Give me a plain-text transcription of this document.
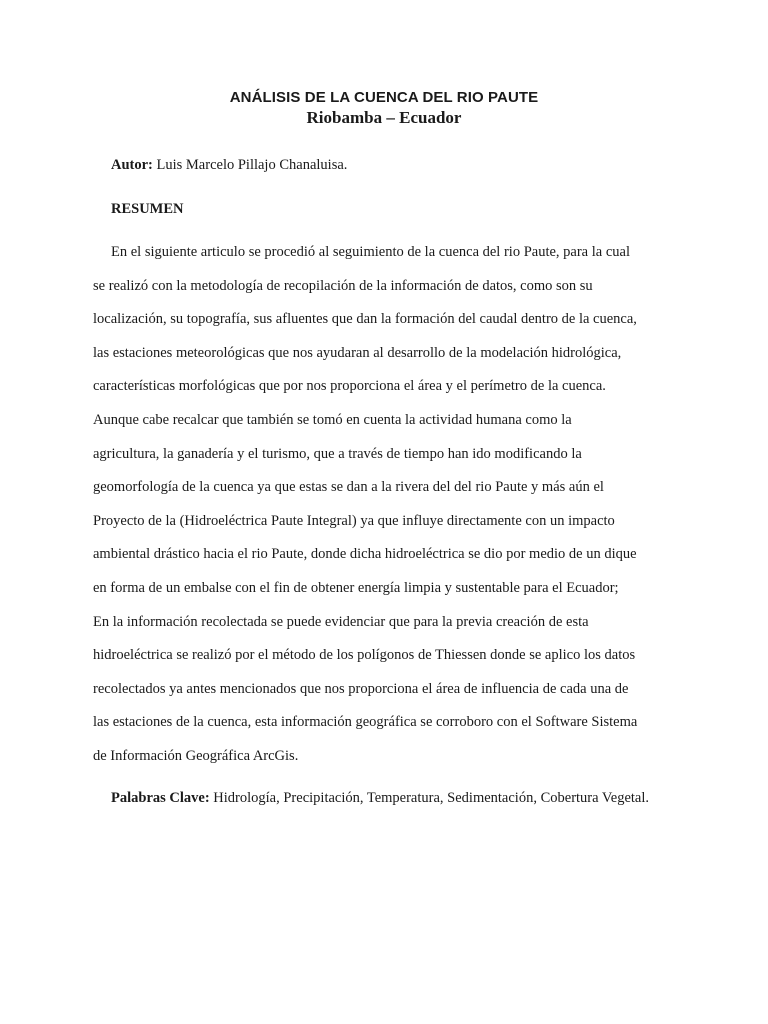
ANÁLISIS DE LA CUENCA DEL RIO PAUTE
Riobamba – Ecuador
Autor: Luis Marcelo Pillajo Chanaluisa.
RESUMEN
En el siguiente articulo se procedió al seguimiento de la cuenca del rio Paute, para la cual
se realizó con la metodología de recopilación de la información de datos, como son su
localización, su topografía, sus afluentes que dan la formación del caudal dentro de la cuenca,
las estaciones meteorológicas que nos ayudaran al desarrollo de la modelación hidrológica,
características morfológicas que por nos proporciona el área y el perímetro de la cuenca.
Aunque cabe recalcar que también se tomó en cuenta la actividad humana como la
agricultura, la ganadería y el turismo, que a través de tiempo han ido modificando la
geomorfología de la cuenca ya que estas se dan a la rivera del del rio Paute y más aún el
Proyecto de la (Hidroeléctrica Paute Integral) ya que influye directamente con un impacto
ambiental drástico hacia el rio Paute, donde dicha hidroeléctrica se dio por medio de un dique
en forma de un embalse con el fin de obtener energía limpia y sustentable para el Ecuador;
En la información recolectada se puede evidenciar que para la previa creación de esta
hidroeléctrica se realizó por el método de los polígonos de Thiessen donde se aplico los datos
recolectados ya antes mencionados que nos proporciona el área de influencia de cada una de
las estaciones de la cuenca, esta información geográfica se corroboro con el Software Sistema
de Información Geográfica ArcGis.
Palabras Clave: Hidrología, Precipitación, Temperatura, Sedimentación, Cobertura Vegetal.
